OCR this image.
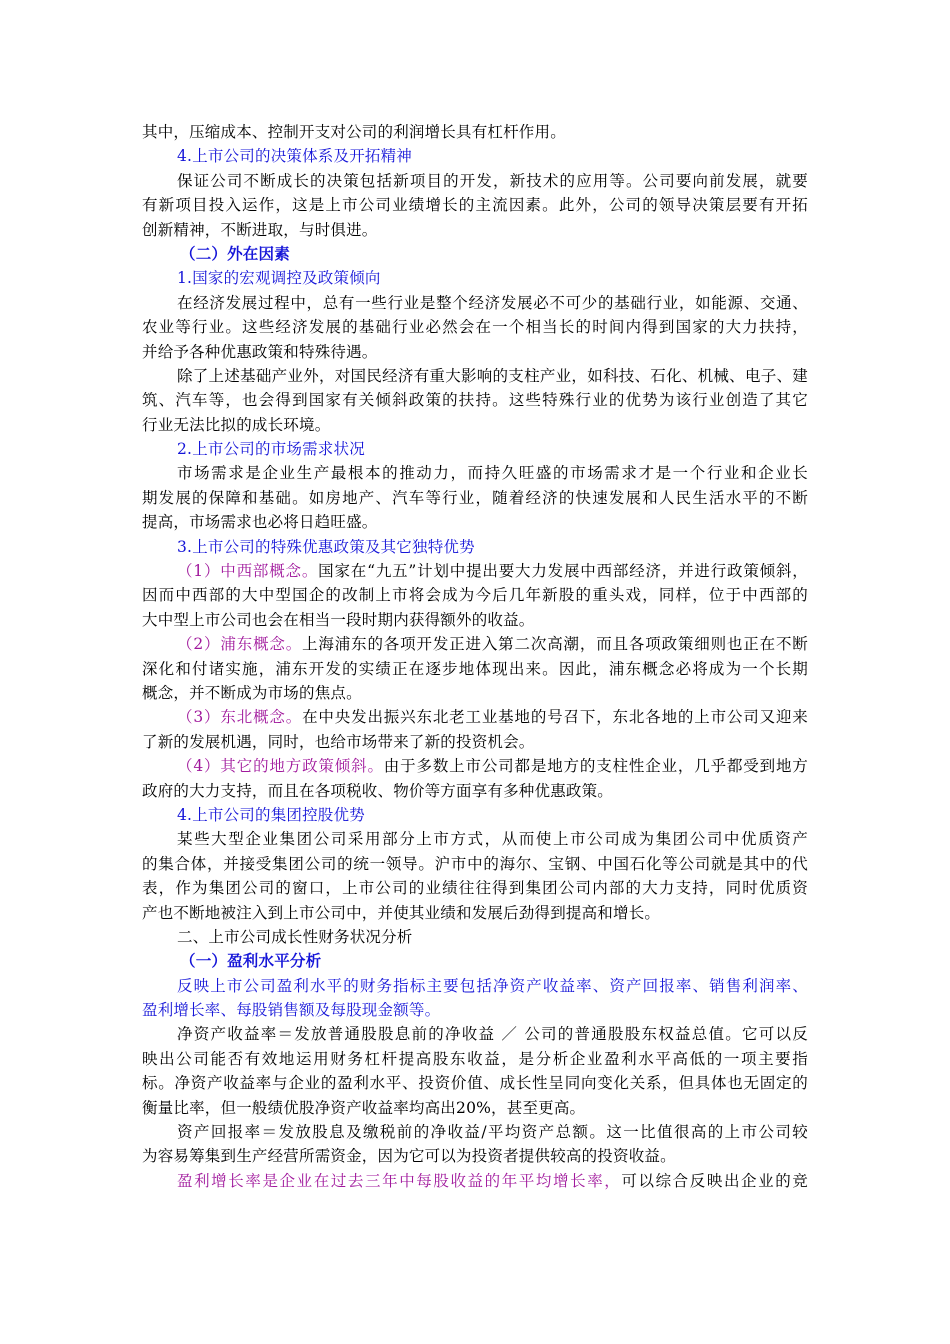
其中，压缩成本、控制开支对公司的利润增长具有杠杆作用。
4.上市公司的决策体系及开拓精神
保证公司不断成长的决策包括新项目的开发，新技术的应用等。公司要向前发展，就要
有新项目投入运作，这是上市公司业绩增长的主流因素。此外，公司的领导决策层要有开拓
创新精神，不断进取，与时俱进。
（二）外在因素
1.国家的宏观调控及政策倾向
在经济发展过程中，总有一些行业是整个经济发展必不可少的基础行业，如能源、交通、
农业等行业。这些经济发展的基础行业必然会在一个相当长的时间内得到国家的大力扶持，
并给予各种优惠政策和特殊待遇。
除了上述基础产业外，对国民经济有重大影响的支柱产业，如科技、石化、机械、电子、建
筑、汽车等，也会得到国家有关倾斜政策的扶持。这些特殊行业的优势为该行业创造了其它
行业无法比拟的成长环境。
2.上市公司的市场需求状况
市场需求是企业生产最根本的推动力，而持久旺盛的市场需求才是一个行业和企业长
期发展的保障和基础。如房地产、汽车等行业，随着经济的快速发展和人民生活水平的不断
提高，市场需求也必将日趋旺盛。
3.上市公司的特殊优惠政策及其它独特优势
（1）中西部概念。国家在“九五”计划中提出要大力发展中西部经济，并进行政策倾斜，
因而中西部的大中型国企的改制上市将会成为今后几年新股的重头戏，同样，位于中西部的
大中型上市公司也会在相当一段时期内获得额外的收益。
（2）浦东概念。上海浦东的各项开发正进入第二次高潮，而且各项政策细则也正在不断
深化和付诸实施，浦东开发的实绩正在逐步地体现出来。因此，浦东概念必将成为一个长期
概念，并不断成为市场的焦点。
（3）东北概念。在中央发出振兴东北老工业基地的号召下，东北各地的上市公司又迎来
了新的发展机遇，同时，也给市场带来了新的投资机会。
（4）其它的地方政策倾斜。由于多数上市公司都是地方的支柱性企业，几乎都受到地方
政府的大力支持，而且在各项税收、物价等方面享有多种优惠政策。
4.上市公司的集团控股优势
某些大型企业集团公司采用部分上市方式，从而使上市公司成为集团公司中优质资产
的集合体，并接受集团公司的统一领导。沪市中的海尔、宝钢、中国石化等公司就是其中的代
表，作为集团公司的窗口，上市公司的业绩往往得到集团公司内部的大力支持，同时优质资
产也不断地被注入到上市公司中，并使其业绩和发展后劲得到提高和增长。
二、上市公司成长性财务状况分析
（一）盈利水平分析
反映上市公司盈利水平的财务指标主要包括净资产收益率、资产回报率、销售利润率、
盈利增长率、每股销售额及每股现金额等。
净资产收益率＝发放普通股股息前的净收益 ／ 公司的普通股股东权益总值。它可以反
映出公司能否有效地运用财务杠杆提高股东收益，是分析企业盈利水平高低的一项主要指
标。净资产收益率与企业的盈利水平、投资价值、成长性呈同向变化关系，但具体也无固定的
衡量比率，但一般绩优股净资产收益率均高出20%，甚至更高。
资产回报率＝发放股息及缴税前的净收益/平均资产总额。这一比值很高的上市公司较
为容易筹集到生产经营所需资金，因为它可以为投资者提供较高的投资收益。
盈利增长率是企业在过去三年中每股收益的年平均增长率，可以综合反映出企业的竞
